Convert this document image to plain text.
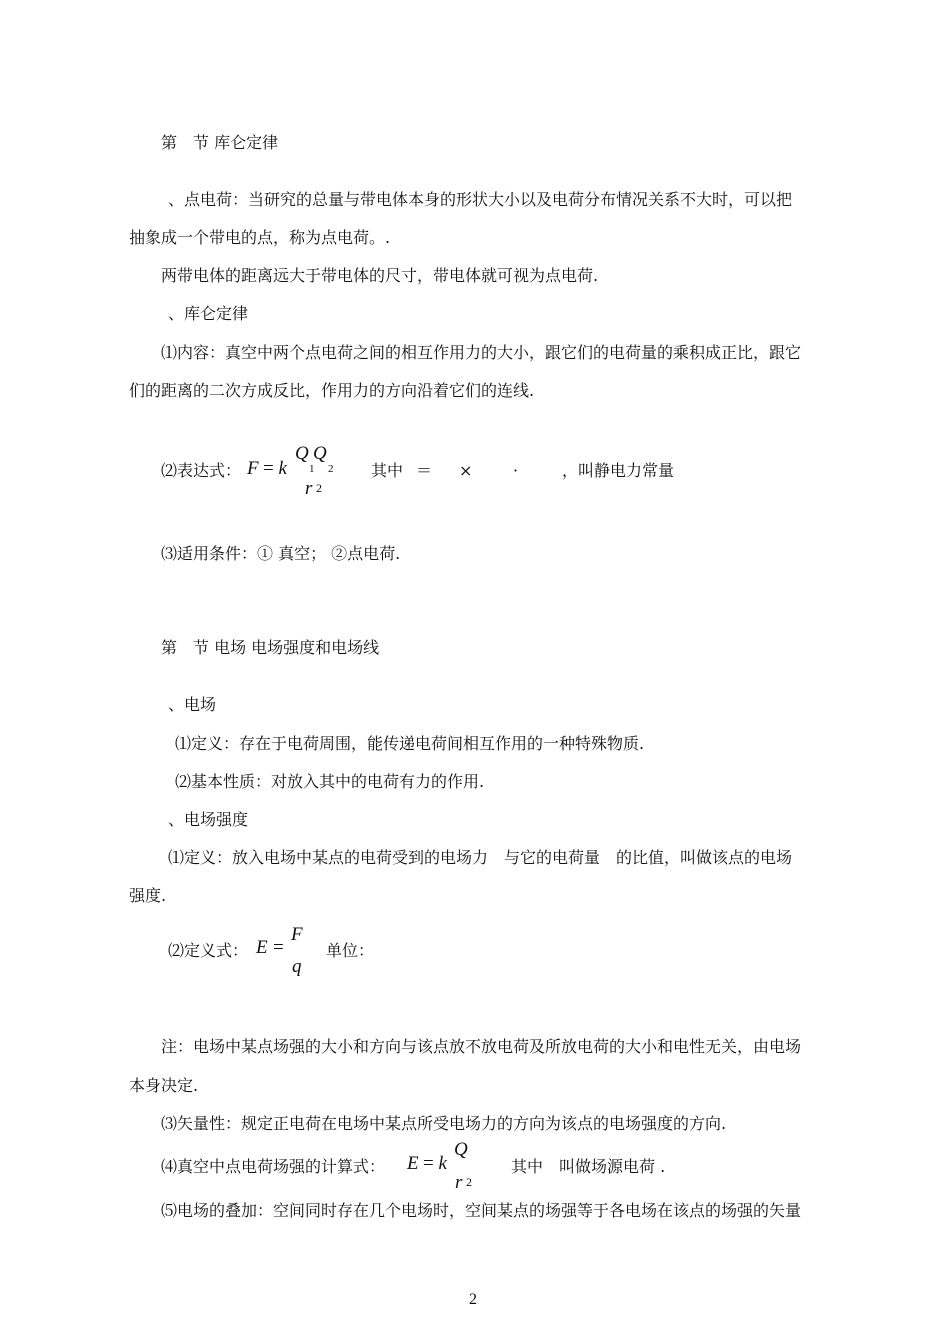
第　节 库仑定律
、点电荷：当研究的总量与带电体本身的形状大小以及电荷分布情况关系不大时，可以把
抽象成一个带电的点，称为点电荷。.
两带电体的距离远大于带电体的尺寸，带电体就可视为点电荷.
、库仑定律
⑴内容：真空中两个点电荷之间的相互作用力的大小，跟它们的电荷量的乘积成正比，跟它
们的距离的二次方成反比，作用力的方向沿着它们的连线.
⑵表达式： F = k
Q
1
Q
2
r 2
其中 ＝ ×	·	，叫静电力常量
⑶适用条件：① 真空； ②点电荷.
第　节 电场 电场强度和电场线
、电场
⑴定义：存在于电荷周围，能传递电荷间相互作用的一种特殊物质.
⑵基本性质：对放入其中的电荷有力的作用.
、电场强度
⑴定义：放入电场中某点的电荷受到的电场力　与它的电荷量　的比值，叫做该点的电场
强度.
⑵定义式： E =
F
q
单位：
注：电场中某点场强的大小和方向与该点放不放电荷及所放电荷的大小和电性无关，由电场
本身决定.
⑶矢量性：规定正电荷在电场中某点所受电场力的方向为该点的电场强度的方向.
⑷真空中点电荷场强的计算式： E = k
Q
r 2
其中　叫做场源电荷 .
⑸电场的叠加：空间同时存在几个电场时，空间某点的场强等于各电场在该点的场强的矢量
2
